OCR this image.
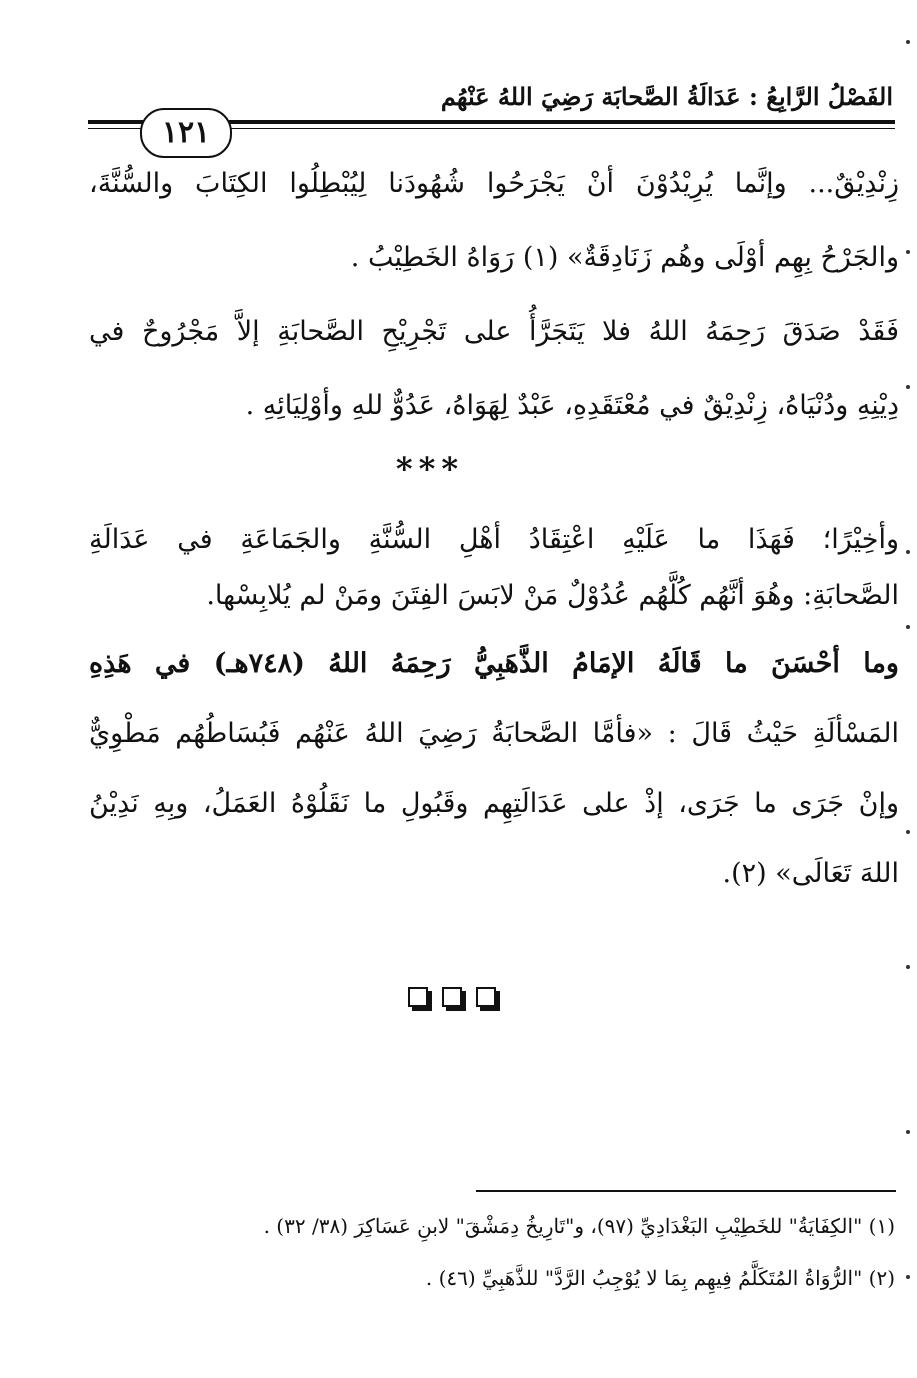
الفَصْلُ الرَّابِعُ : عَدَالَةُ الصَّحابَة رَضِيَ اللهُ عَنْهُم
١٢١
زِنْدِيْقٌ... وإنَّما يُرِيْدُوْنَ أنْ يَجْرَحُوا شُهُودَنا لِيُبْطِلُوا الكِتَابَ والسُّنَّةَ،
والجَرْحُ بِهِم أوْلَى وهُم زَنَادِقَةٌ» (١) رَوَاهُ الخَطِيْبُ .
فَقَدْ صَدَقَ رَحِمَهُ اللهُ فلا يَتَجَرَّأُ على تَجْرِيْحِ الصَّحابَةِ إلاَّ مَجْرُوحٌ في
دِيْنِهِ ودُنْيَاهُ، زِنْدِيْقٌ في مُعْتَقَدِهِ، عَبْدٌ لِهَوَاهُ، عَدُوٌّ للهِ وأوْلِيَائِهِ .
***
وأخِيْرًا؛ فَهَذَا ما عَلَيْهِ اعْتِقَادُ أهْلِ السُّنَّةِ والجَمَاعَةِ في عَدَالَةِ
الصَّحابَةِ: وهُوَ أنَّهُم كُلَّهُم عُدُوْلٌ مَنْ لابَسَ الفِتَنَ ومَنْ لم يُلابِسْها.
وما أحْسَنَ ما قَالَهُ الإمَامُ الذَّهَبِيُّ رَحِمَهُ اللهُ (٧٤٨هـ) في هَذِهِ
المَسْألَةِ حَيْثُ قَالَ : «فأمَّا الصَّحابَةُ رَضِيَ اللهُ عَنْهُم فَبُسَاطُهُم مَطْوِيٌّ
وإنْ جَرَى ما جَرَى، إذْ على عَدَالَتِهِم وقَبُولِ ما نَقَلُوْهُ العَمَلُ، وبِهِ نَدِيْنُ
اللهَ تَعَالَى» (٢).
(١) "الكِفَايَةُ" للخَطِيْبِ البَغْدَادِيِّ (٩٧)، و"تَارِيخُ دِمَشْقَ" لابنِ عَسَاكِرَ (٣٨/ ٣٢) .
(٢) "الرُّوَاةُ المُتَكَلَّمُ فِيهِم بِمَا لا يُوْجِبُ الرَّدَّ" للذَّهَبِيِّ (٤٦) .
